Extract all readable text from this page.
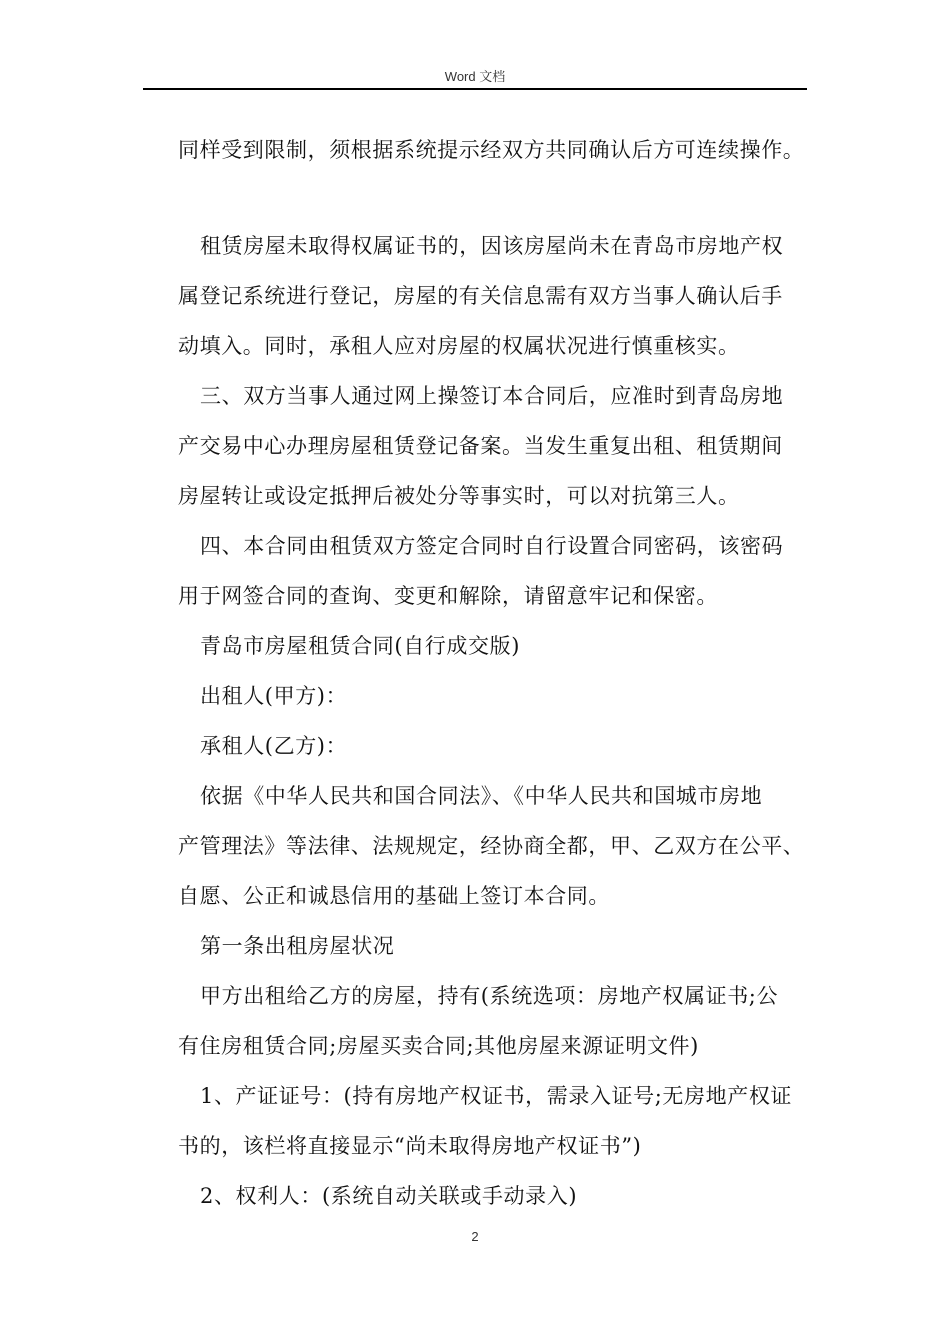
Word 文档
同样受到限制，须根据系统提示经双方共同确认后方可连续操作。
租赁房屋未取得权属证书的，因该房屋尚未在青岛市房地产权
属登记系统进行登记，房屋的有关信息需有双方当事人确认后手
动填入。同时，承租人应对房屋的权属状况进行慎重核实。
三、双方当事人通过网上操签订本合同后，应准时到青岛房地
产交易中心办理房屋租赁登记备案。当发生重复出租、租赁期间
房屋转让或设定抵押后被处分等事实时，可以对抗第三人。
四、本合同由租赁双方签定合同时自行设置合同密码，该密码
用于网签合同的查询、变更和解除，请留意牢记和保密。
青岛市房屋租赁合同(自行成交版)
出租人(甲方)：
承租人(乙方)：
依据《中华人民共和国合同法》、《中华人民共和国城市房地
产管理法》等法律、法规规定，经协商全都，甲、乙双方在公平、
自愿、公正和诚恳信用的基础上签订本合同。
第一条出租房屋状况
甲方出租给乙方的房屋，持有(系统选项：房地产权属证书;公
有住房租赁合同;房屋买卖合同;其他房屋来源证明文件)
1、产证证号：(持有房地产权证书，需录入证号;无房地产权证
书的，该栏将直接显示“尚未取得房地产权证书”)
2、权利人：(系统自动关联或手动录入)
2
